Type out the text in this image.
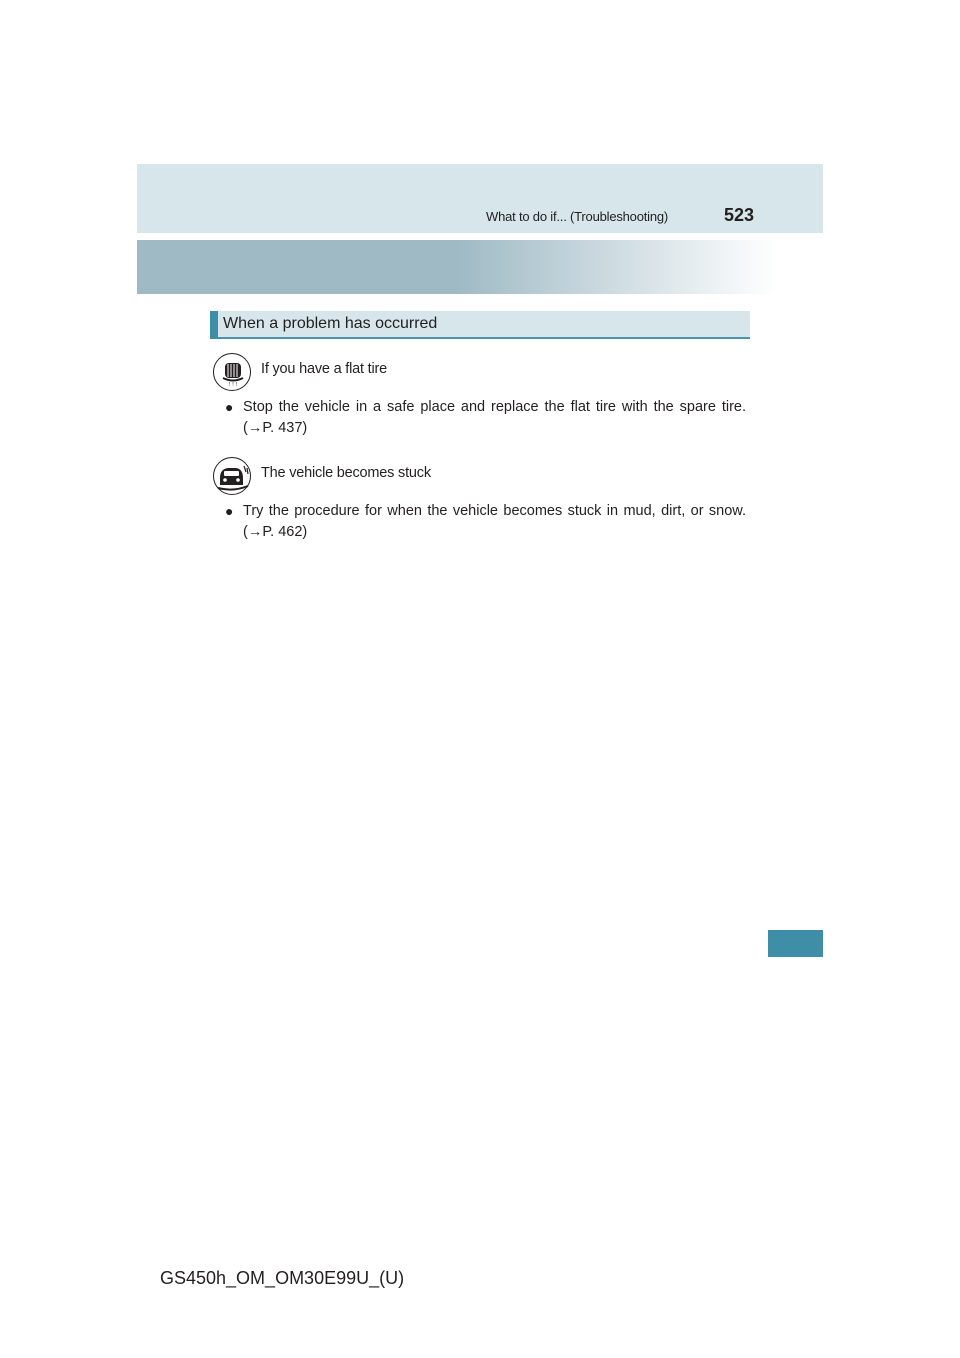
What to do if... (Troubleshooting)	523
When a problem has occurred
! ! !
If you have a flat tire
● Stop the vehicle in a safe place and replace the flat tire with the spare tire.
(→P. 437)
The vehicle becomes stuck
● Try the procedure for when the vehicle becomes stuck in mud, dirt, or snow.
(→P. 462)
GS450h_OM_OM30E99U_(U)
